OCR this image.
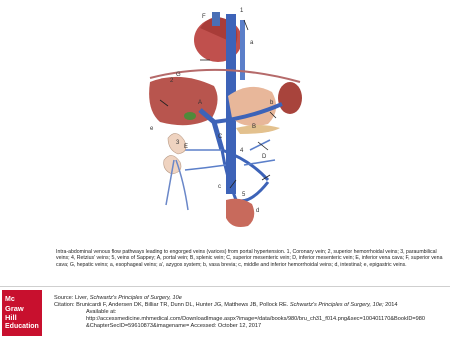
F
1
a
G
2
b
A
C
B
E
3
4
D
c
5
d
e
Intra-abdominal venous flow pathways leading to engorged veins (varices) from portal hypertension. 1, Coronary vein; 2, superior hemorrhoidal veins; 3, paraumbilical veins; 4, Retzius’ veins; 5, veins of Sappey; A, portal vein; B, splenic vein; C, superior mesenteric vein; D, inferior mesenteric vein; E, inferior vena cava; F, superior vena cava; G, hepatic veins; a, esophageal veins; a’, azygos system; b, vasa brevia; c, middle and inferior hemorrhoidal veins; d, intestinal; e, epigastric veins.
Mc
Graw
Hill
Education
Source: Liver, Schwartz's Principles of Surgery, 10e
Citation: Brunicardi F, Andersen DK, Billiar TR, Dunn DL, Hunter JG, Matthews JB, Pollock RE. Schwartz's Principles of Surgery, 10e; 2014
Available at:
http://accessmedicine.mhmedical.com/DownloadImage.aspx?image=/data/books/980/bru_ch31_f014.png&sec=100401170&BookID=980
&ChapterSecID=59610873&imagename= Accessed: October 12, 2017
